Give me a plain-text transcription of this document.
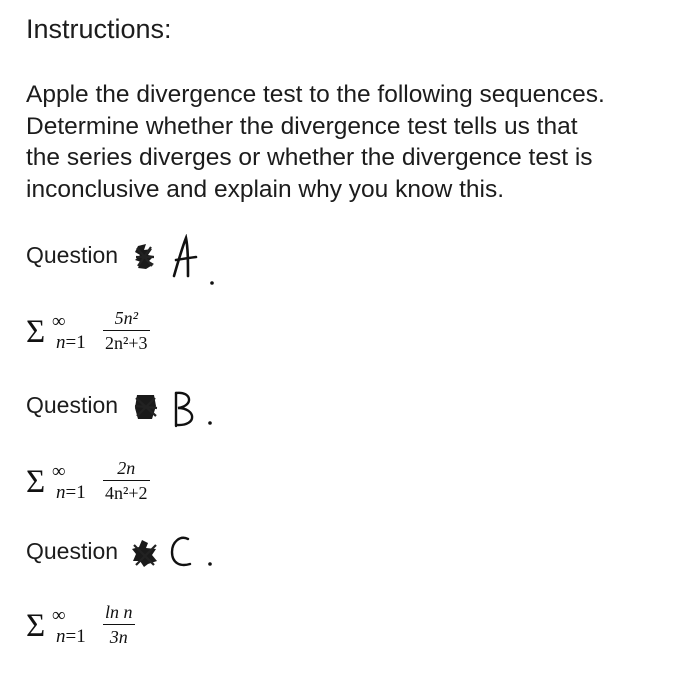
Instructions:
Apple the divergence test to the following sequences.
Determine whether the divergence test tells us that
the series diverges or whether the divergence test is
inconclusive and explain why you know this.
Question
Σ ∞
n=1
5n²
2n²+3
Question
Σ ∞
n=1
2n
4n²+2
Question
Σ ∞
n=1
ln n
3n
